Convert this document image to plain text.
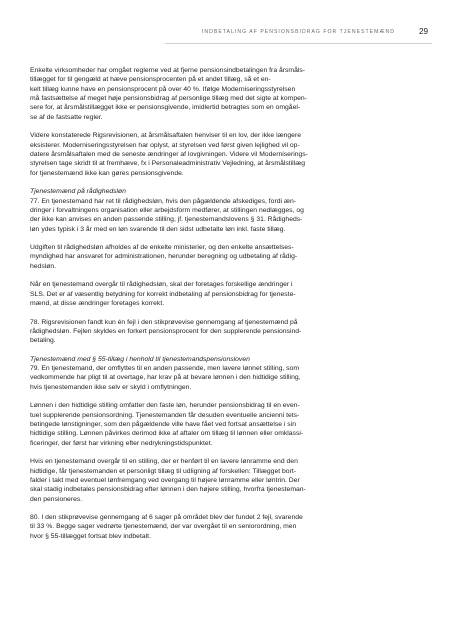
INDBETALING AF PENSIONSBIDRAG FOR TJENESTEMÆND	29

Enkelte virksomheder har omgået reglerne ved at fjerne pensionsindbetalingen fra årsmåls-
tillægget for til gengæld at hæve pensionsprocenten på et andet tillæg, så et en-
kelt tillæg kunne have en pensionsprocent på over 40 %. Ifølge Moderniseringsstyrelsen
må fastsættelse af meget høje pensionsbidrag af personlige tillæg med det sigte at kompen-
sere for, at årsmålstillægget ikke er pensionsgivende, imidlertid betragtes som en omgåel-
se af de fastsatte regler.

Videre konstaterede Rigsrevisionen, at årsmålsaftalen henviser til en lov, der ikke længere
eksisterer. Moderniseringsstyrelsen har oplyst, at styrelsen ved først given lejlighed vil op-
datere årsmålsaftalen med de seneste ændringer af lovgivningen. Videre vil Moderniserings-
styrelsen tage skridt til at fremhæve, fx i Personaleadministrativ Vejledning, at årsmålstillæg
for tjenestemænd ikke kan gøres pensionsgivende.

Tjenestemænd på rådighedsløn

77. En tjenestemand har ret til rådighedsløn, hvis den pågældende afskediges, fordi æn-
dringer i forvaltningens organisation eller arbejdsform medfører, at stillingen nedlægges, og
der ikke kan anvises en anden passende stilling, jf. tjenestemandslovens § 31. Rådigheds-
løn ydes typisk i 3 år med en løn svarende til den sidst udbetalte løn inkl. faste tillæg.

Udgiften til rådighedsløn afholdes af de enkelte ministerier, og den enkelte ansættelses-
myndighed har ansvaret for administrationen, herunder beregning og udbetaling af rådig-
hedsløn.

Når en tjenestemand overgår til rådighedsløn, skal der foretages forskellige ændringer i
SLS. Det er af væsentlig betydning for korrekt indbetaling af pensionsbidrag for tjeneste-
mænd, at disse ændringer foretages korrekt.

78. Rigsrevisionen fandt kun én fejl i den stikprøvevise gennemgang af tjenestemænd på
rådighedsløn. Fejlen skyldes en forkert pensionsprocent for den supplerende pensionsind-
betaling.

Tjenestemænd med § 55-tillæg i henhold til tjenestemandspensionsloven

79. En tjenestemand, der omflyttes til en anden passende, men lavere lønnet stilling, som
vedkommende har pligt til at overtage, har krav på at bevare lønnen i den hidtidige stilling,
hvis tjenestemanden ikke selv er skyld i omflytningen.

Lønnen i den hidtidige stilling omfatter den faste løn, herunder pensionsbidrag til en even-
tuel supplerende pensionsordning. Tjenestemanden får desuden eventuelle ancienni tets-
betingede lønstigninger, som den pågældende ville have fået ved fortsat ansættelse i sin
hidtidige stilling. Lønnen påvirkes derimod ikke af aftaler om tillæg til lønnen eller omklassi-
ficeringer, der først har virkning efter nedrykningstidspunktet.

Hvis en tjenestemand overgår til en stilling, der er henført til en lavere lønramme end den
hidtidige, får tjenestemanden et personligt tillæg til udligning af forskellen: Tillægget bort-
falder i takt med eventuel lønfremgang ved overgang til højere lønramme eller løntrin. Der
skal stadig indbetales pensionsbidrag efter lønnen i den højere stilling, hvorfra tjenesteman-
den pensioneres.

80. I den stikprøvevise gennemgang af 6 sager på området blev der fundet 2 fejl, svarende
til 33 %. Begge sager vedrørte tjenestemænd, der var overgået til en seniorordning, men
hvor § 55-tillægget fortsat blev indbetalt.
